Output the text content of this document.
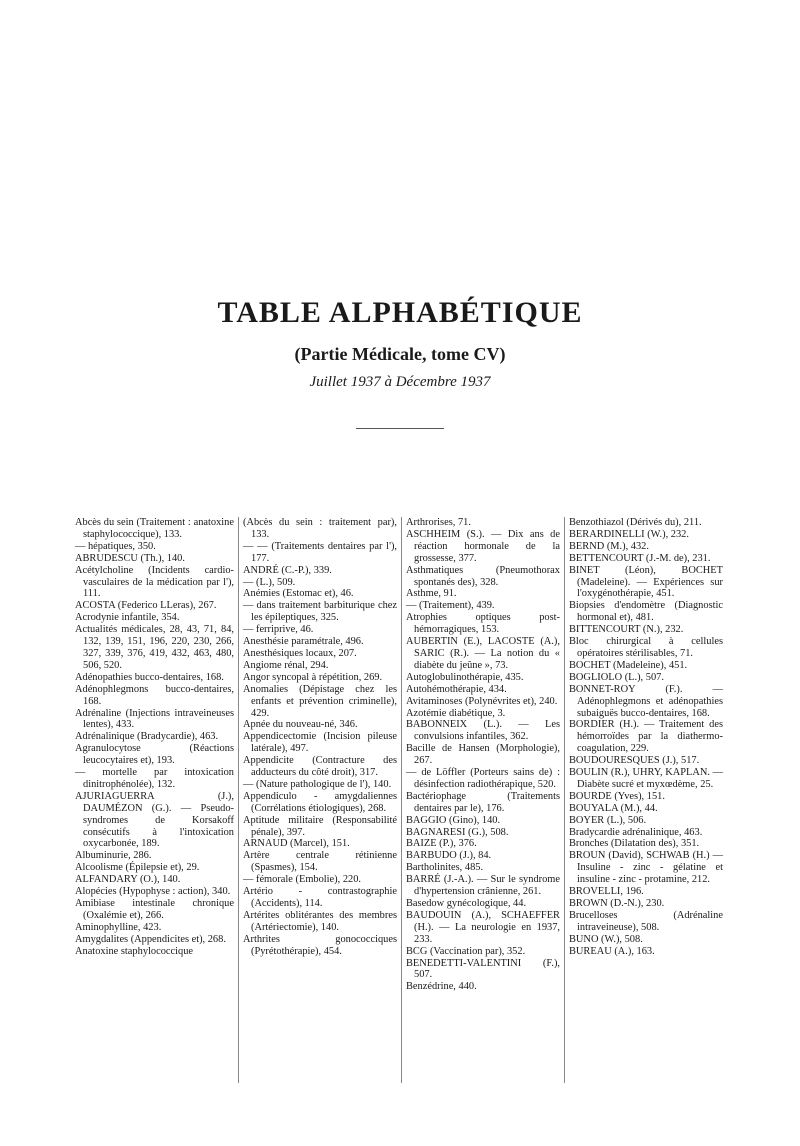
TABLE ALPHABÉTIQUE
(Partie Médicale, tome CV)

Juillet 1937 à Décembre 1937

Abcès du sein (Traitement : anatoxine staphylococcique), 133.

— hépatiques, 350.

ABRUDESCU (Th.), 140.

Acétylcholine (Incidents cardio-vasculaires de la médication par l'), 111.

ACOSTA (Federico LLeras), 267.

Acrodynie infantile, 354.

Actualités médicales, 28, 43, 71, 84, 132, 139, 151, 196, 220, 230, 266, 327, 339, 376, 419, 432, 463, 480, 506, 520.

Adénopathies bucco-dentaires, 168.

Adénophlegmons bucco-dentaires, 168.

Adrénaline (Injections intraveineuses lentes), 433.

Adrénalinique (Bradycardie), 463.

Agranulocytose (Réactions leucocytaires et), 193.

— mortelle par intoxication dinitrophénolée), 132.

AJURIAGUERRA (J.), DAUMÉZON (G.). — Pseudo-syndromes de Korsakoff consécutifs à l'intoxication oxycarbonée, 189.

Albuminurie, 286.

Alcoolisme (Épilepsie et), 29.

ALFANDARY (O.), 140.

Alopécies (Hypophyse : action), 340.

Amibiase intestinale chronique (Oxalémie et), 266.

Aminophylline, 423.

Amygdalites (Appendicites et), 268.

Anatoxine staphylococcique

(Abcès du sein : traitement par), 133.

— — (Traitements dentaires par l'), 177.

ANDRÉ (C.-P.), 339.

— (L.), 509.

Anémies (Estomac et), 46.

— dans traitement barbiturique chez les épileptiques, 325.

— ferriprive, 46.

Anesthésie paramétrale, 496.

Anesthésiques locaux, 207.

Angiome rénal, 294.

Angor syncopal à répétition, 269.

Anomalies (Dépistage chez les enfants et prévention criminelle), 429.

Apnée du nouveau-né, 346.

Appendicectomie (Incision pileuse latérale), 497.

Appendicite (Contracture des adducteurs du côté droit), 317.

— (Nature pathologique de l'), 140.

Appendiculo - amygdaliennes (Corrélations étiologiques), 268.

Aptitude militaire (Responsabilité pénale), 397.

ARNAUD (Marcel), 151.

Artère centrale rétinienne (Spasmes), 154.

— fémorale (Embolie), 220.

Artério - contrastographie (Accidents), 114.

Artérites oblitérantes des membres (Artériectomie), 140.

Arthrites gonococciques (Pyrétothérapie), 454.

Arthrorises, 71.

ASCHHEIM (S.). — Dix ans de réaction hormonale de la grossesse, 377.

Asthmatiques (Pneumothorax spontanés des), 328.

Asthme, 91.

— (Traitement), 439.

Atrophies optiques post-hémorragiques, 153.

AUBERTIN (E.), LACOSTE (A.), SARIC (R.). — La notion du « diabète du jeûne », 73.

Autoglobulinothérapie, 435.

Autohémothérapie, 434.

Avitaminoses (Polynévrites et), 240.

Azotémie diabétique, 3.

BABONNEIX (L.). — Les convulsions infantiles, 362.

Bacille de Hansen (Morphologie), 267.

— de Löffler (Porteurs sains de) : désinfection radiothérapique, 520.

Bactériophage (Traitements dentaires par le), 176.

BAGGIO (Gino), 140.

BAGNARESI (G.), 508.

BAIZE (P.), 376.

BARBUDO (J.), 84.

Bartholinites, 485.

BARRÉ (J.-A.). — Sur le syndrome d'hypertension crânienne, 261.

Basedow gynécologique, 44.

BAUDOUIN (A.), SCHAEFFER (H.). — La neurologie en 1937, 233.

BCG (Vaccination par), 352.

BENEDETTI-VALENTINI (F.), 507.

Benzédrine, 440.

Benzothiazol (Dérivés du), 211.

BERARDINELLI (W.), 232.

BERND (M.), 432.

BETTENCOURT (J.-M. de), 231.

BINET (Léon), BOCHET (Madeleine). — Expériences sur l'oxygénothérapie, 451.

Biopsies d'endomètre (Diagnostic hormonal et), 481.

BITTENCOURT (N.), 232.

Bloc chirurgical à cellules opératoires stérilisables, 71.

BOCHET (Madeleine), 451.

BOGLIOLO (L.), 507.

BONNET-ROY (F.). — Adénophlegmons et adénopathies subaiguës bucco-dentaires, 168.

BORDIER (H.). — Traitement des hémorroïdes par la diathermo-coagulation, 229.

BOUDOURESQUES (J.), 517.

BOULIN (R.), UHRY, KAPLAN. — Diabète sucré et myxœdème, 25.

BOURDE (Yves), 151.

BOUYALA (M.), 44.

BOYER (L.), 506.

Bradycardie adrénalinique, 463.

Bronches (Dilatation des), 351.

BROUN (David), SCHWAB (H.) — Insuline - zinc - gélatine et insuline - zinc - protamine, 212.

BROVELLI, 196.

BROWN (D.-N.), 230.

Brucelloses (Adrénaline intraveineuse), 508.

BUNO (W.), 508.

BUREAU (A.), 163.
